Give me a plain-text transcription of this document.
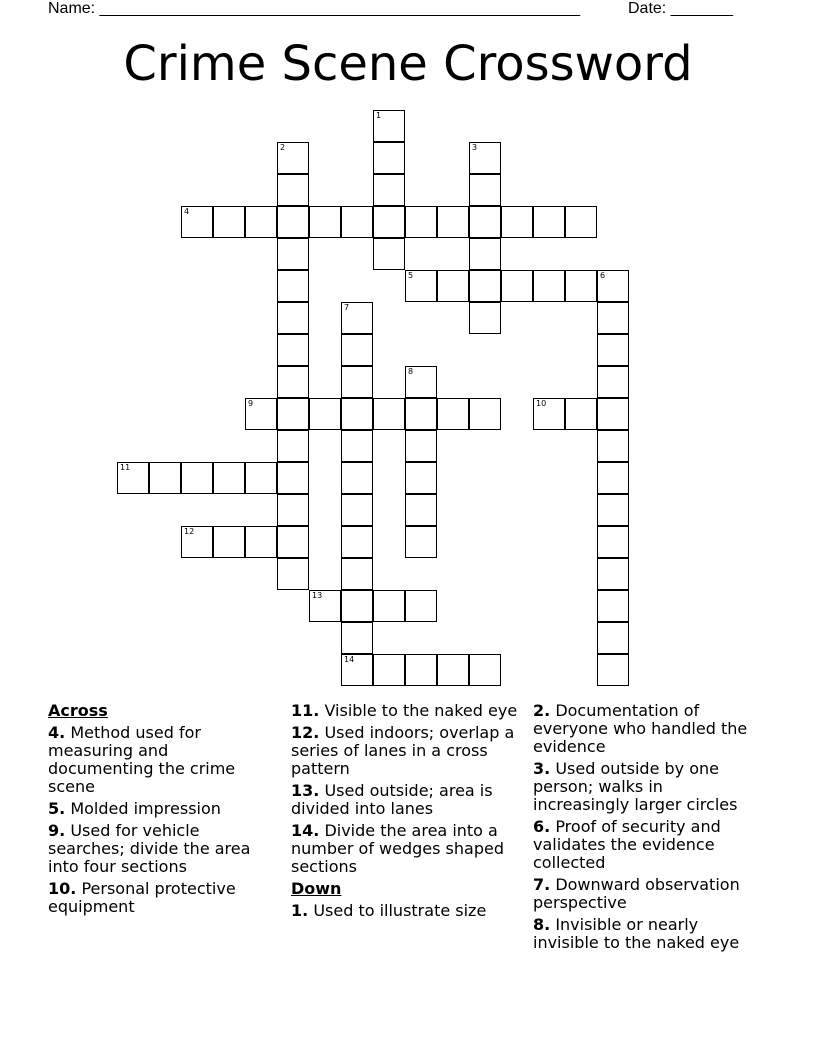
Name: ______________________________________________________	Date: _______
Crime Scene Crossword
1
2	3
4
5	6
7
14
8
9	10
11
12
13
Across
4. Method used for measuring and documenting the crime scene
5. Molded impression
9. Used for vehicle searches; divide the area into four sections
10. Personal protective equipment
11. Visible to the naked eye
12. Used indoors; overlap a series of lanes in a cross pattern
13. Used outside; area is divided into lanes
14. Divide the area into a number of wedges shaped sections
Down
1. Used to illustrate size
2. Documentation of everyone who handled the evidence
3. Used outside by one person; walks in increasingly larger circles
6. Proof of security and validates the evidence collected
7. Downward observation perspective
8. Invisible or nearly invisible to the naked eye
